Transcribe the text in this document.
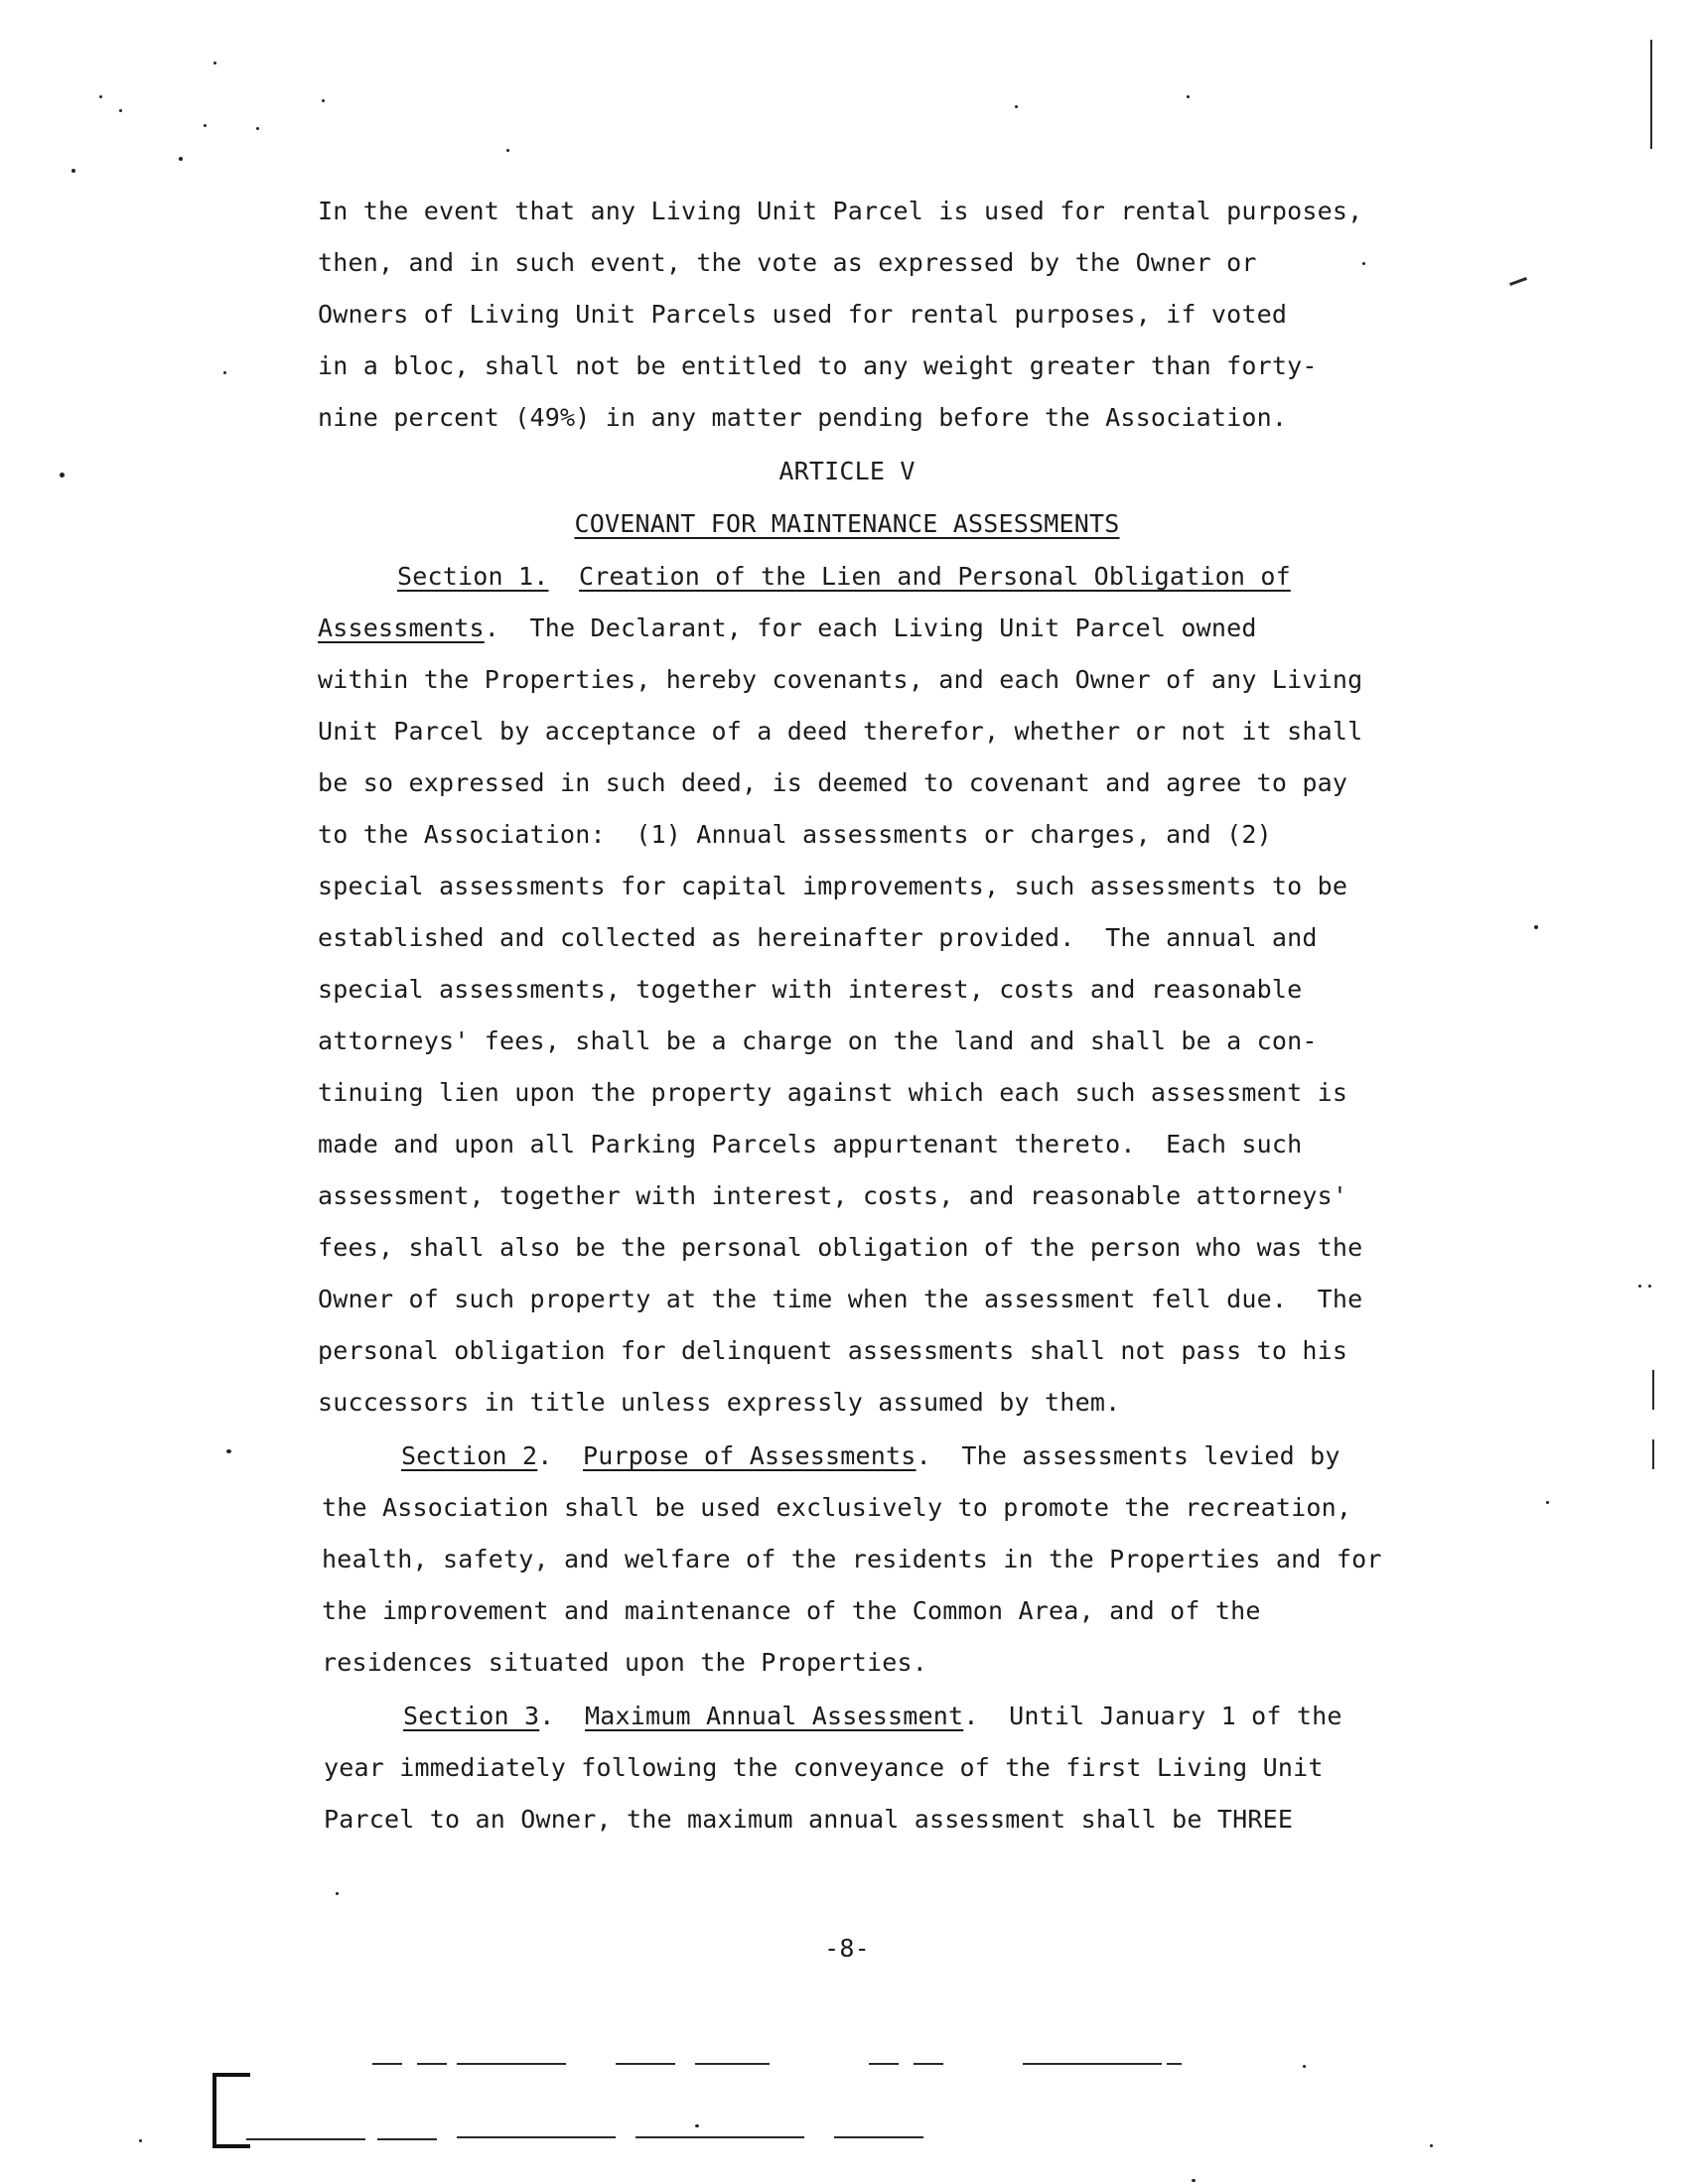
In the event that any Living Unit Parcel is used for rental purposes,
then, and in such event, the vote as expressed by the Owner or
Owners of Living Unit Parcels used for rental purposes, if voted
in a bloc, shall not be entitled to any weight greater than forty-
nine percent (49%) in any matter pending before the Association.
ARTICLE V
COVENANT FOR MAINTENANCE ASSESSMENTS
Section 1. Creation of the Lien and Personal Obligation of
Assessments.  The Declarant, for each Living Unit Parcel owned
within the Properties, hereby covenants, and each Owner of any Living
Unit Parcel by acceptance of a deed therefor, whether or not it shall
be so expressed in such deed, is deemed to covenant and agree to pay
to the Association:  (1) Annual assessments or charges, and (2)
special assessments for capital improvements, such assessments to be
established and collected as hereinafter provided.  The annual and
special assessments, together with interest, costs and reasonable
attorneys' fees, shall be a charge on the land and shall be a con-
tinuing lien upon the property against which each such assessment is
made and upon all Parking Parcels appurtenant thereto.  Each such
assessment, together with interest, costs, and reasonable attorneys'
fees, shall also be the personal obligation of the person who was the
Owner of such property at the time when the assessment fell due.  The
personal obligation for delinquent assessments shall not pass to his
successors in title unless expressly assumed by them.
Section 2.  Purpose of Assessments.  The assessments levied by
the Association shall be used exclusively to promote the recreation,
health, safety, and welfare of the residents in the Properties and for
the improvement and maintenance of the Common Area, and of the
residences situated upon the Properties.
Section 3.  Maximum Annual Assessment.  Until January 1 of the
year immediately following the conveyance of the first Living Unit
Parcel to an Owner, the maximum annual assessment shall be THREE
-8-
